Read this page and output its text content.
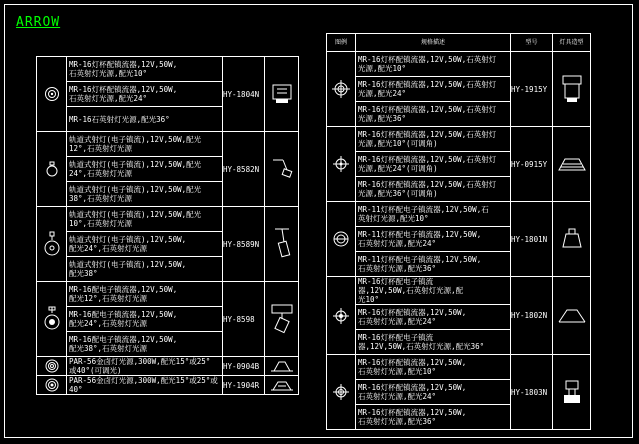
ARROW
	MR-16灯杯配镇流器,12V,50W,
石英射灯光源,配光10°	HY-1804N	

	MR-16灯杯配镇流器,12V,50W,
石英射灯光源,配光24°		
	MR-16石英射灯光源,配光36°		

	轨道式射灯(电子镇流),12V,50W,配光
12°,石英射灯光源	HY-8582N	

	轨道式射灯(电子镇流),12V,50W,配光
24°,石英射灯光源		
	轨道式射灯(电子镇流),12V,50W,配光
38°,石英射灯光源		

	轨道式射灯(电子镇流),12V,50W,配光
10°,石英射灯光源	HY-8589N	

	轨道式射灯(电子镇流),12V,50W,
配光24°,石英射灯光源		
	轨道式射灯(电子镇流),12V,50W,
配光38°		

	MR-16配电子镇流器,12V,50W,
配光12°,石英射灯光源	HY-8598	

	MR-16配电子镇流器,12V,50W,
配光24°,石英射灯光源		
	MR-16配电子镇流器,12V,50W,
配光38°,石英射灯光源		

	PAR-56金卤灯光源,300W,配光15°或25°
或40°(可调光)	HY-0904B	

	PAR-56金卤灯光源,300W,配光15°或25°或40°	HY-1904R	
图例	规格描述	型号	灯具造型

	MR-16灯杯配镇流器,12V,50W,石英射灯
光源,配光10°	HY-1915Y	

	MR-16灯杯配镇流器,12V,50W,石英射灯
光源,配光24°		
	MR-16灯杯配镇流器,12V,50W,石英射灯
光源,配光36°		

	MR-16灯杯配镇流器,12V,50W,石英射灯
光源,配光10°(可调角)	HY-0915Y	

	MR-16灯杯配镇流器,12V,50W,石英射灯
光源,配光24°(可调角)		
	MR-16灯杯配镇流器,12V,50W,石英射灯
光源,配光36°(可调角)		

	MR-11灯杯配电子镇流器,12V,50W,石
英射灯光源,配光10°	HY-1801N	

	MR-11灯杯配电子镇流器,12V,50W,
石英射灯光源,配光24°		
	MR-11灯杯配电子镇流器,12V,50W,
石英射灯光源,配光36°		

	MR-16灯杯配电子镇流
器,12V,50W,石英射灯光源,配
光10°	HY-1802N	

	MR-16灯杯配镇流器,12V,50W,
石英射灯光源,配光24°		
	MR-16灯杯配电子镇流
器,12V,50W,石英射灯光源,配光36°		

	MR-16灯杯配镇流器,12V,50W,
石英射灯光源,配光10°	HY-1803N	

	MR-16灯杯配镇流器,12V,50W,
石英射灯光源,配光24°		
	MR-16灯杯配镇流器,12V,50W,
石英射灯光源,配光36°		
